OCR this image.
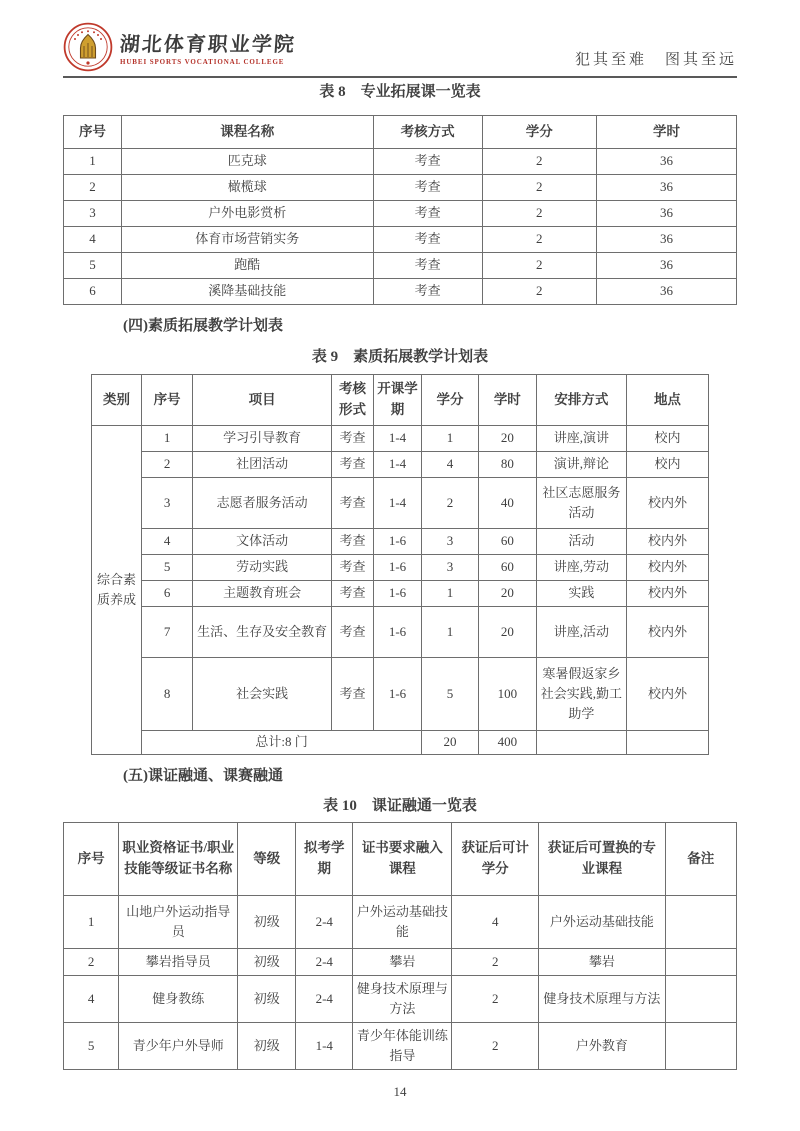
湖北体育职业学院
HUBEI SPORTS VOCATIONAL COLLEGE	犯其至难　图其至远
表 8　专业拓展课一览表
序号	课程名称	考核方式	学分	学时
1	匹克球	考查	2	36
2	橄榄球	考查	2	36
3	户外电影赏析	考查	2	36
4	体育市场营销实务	考查	2	36
5	跑酷	考查	2	36
6	溪降基础技能	考查	2	36
(四)素质拓展教学计划表
表 9　素质拓展教学计划表
类别	序号	项目	考核形式	开课学期	学分	学时	安排方式	地点
综合素质养成	1	学习引导教育	考查	1-4	1	20	讲座,演讲	校内
	2	社团活动	考查	1-4	4	80	演讲,辩论	校内
	3	志愿者服务活动	考查	1-4	2	40	社区志愿服务活动	校内外
	4	文体活动	考查	1-6	3	60	活动	校内外
	5	劳动实践	考查	1-6	3	60	讲座,劳动	校内外
	6	主题教育班会	考查	1-6	1	20	实践	校内外
	7	生活、生存及安全教育	考查	1-6	1	20	讲座,活动	校内外
	8	社会实践	考查	1-6	5	100	寒暑假返家乡社会实践,勤工助学	校内外
	总计:8 门				20	400		
(五)课证融通、课赛融通
表 10　课证融通一览表
序号	职业资格证书/职业技能等级证书名称	等级	拟考学期	证书要求融入课程	获证后可计学分	获证后可置换的专业课程	备注
1	山地户外运动指导员	初级	2-4	户外运动基础技能	4	户外运动基础技能	
2	攀岩指导员	初级	2-4	攀岩	2	攀岩	
4	健身教练	初级	2-4	健身技术原理与方法	2	健身技术原理与方法	
5	青少年户外导师	初级	1-4	青少年体能训练指导	2	户外教育	
14
